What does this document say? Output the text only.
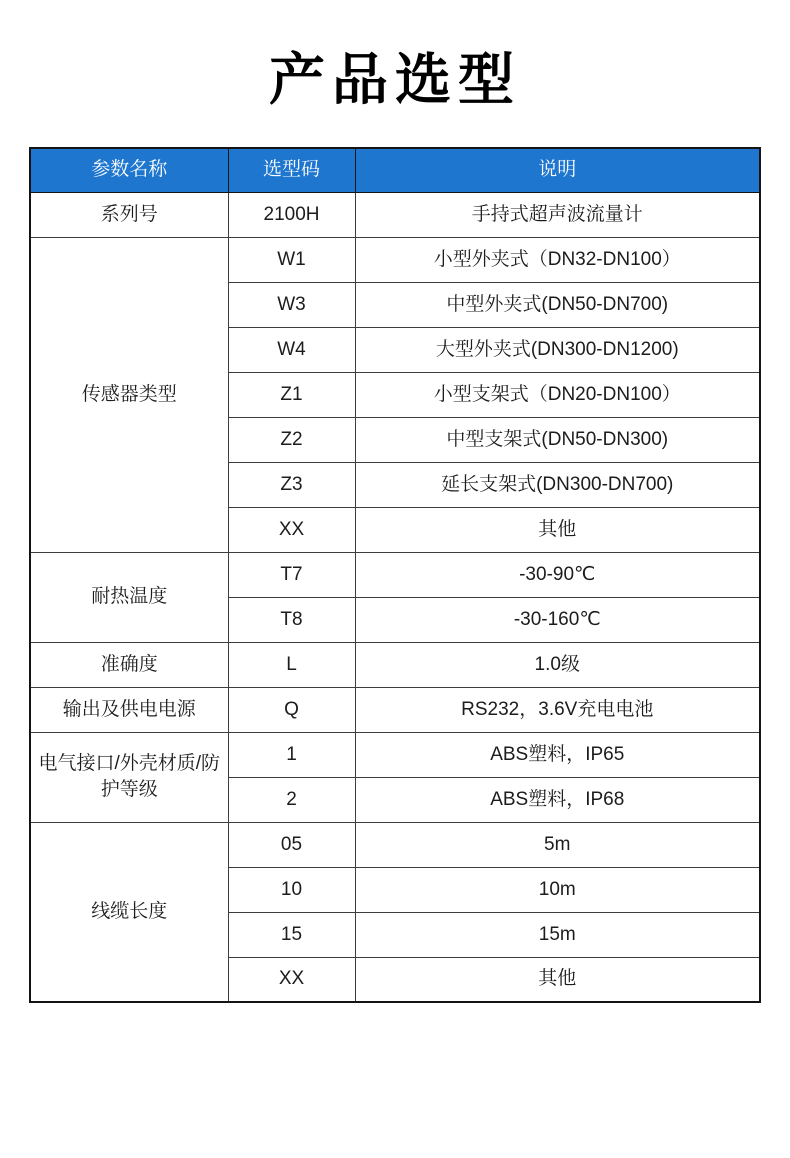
产品选型
参数名称	选型码	说明
系列号	2100H	手持式超声波流量计
传感器类型	W1	小型外夹式（DN32-DN100）
	W3	中型外夹式(DN50-DN700)
	W4	大型外夹式(DN300-DN1200)
	Z1	小型支架式（DN20-DN100）
	Z2	中型支架式(DN50-DN300)
	Z3	延长支架式(DN300-DN700)
	XX	其他
耐热温度	T7	-30-90℃
	T8	-30-160℃
准确度	L	1.0级
输出及供电电源	Q	RS232，3.6V充电电池
电气接口/外壳材质/防护等级	1	ABS塑料，IP65
	2	ABS塑料，IP68
线缆长度	05	5m
	10	10m
	15	15m
	XX	其他
